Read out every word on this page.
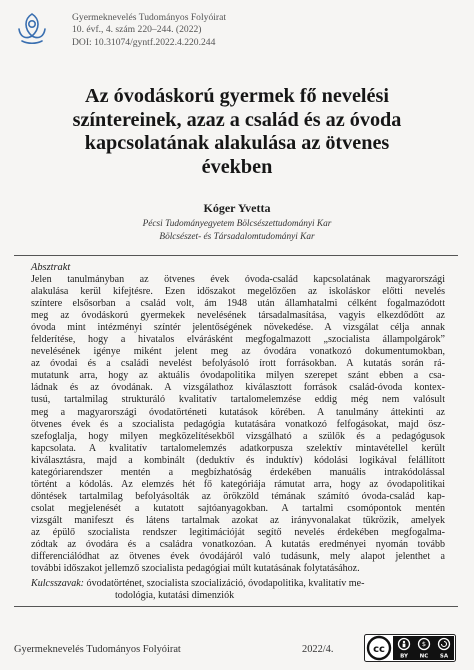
Gyermeknevelés Tudományos Folyóirat
10. évf., 4. szám 220–244. (2022)
DOI: 10.31074/gyntf.2022.4.220.244
Az óvodáskorú gyermek fő nevelési
színtereinek, azaz a család és az óvoda
kapcsolatának alakulása az ötvenes
években
Kóger Yvetta
Pécsi Tudományegyetem Bölcsészettudományi Kar
Bölcsészet- és Társadalomtudományi Kar
Absztrakt
Jelen tanulmányban az ötvenes évek óvoda-család kapcsolatának magyarországi
alakulása kerül kifejtésre. Ezen időszakot megelőzően az iskoláskor előtti nevelés
színtere elsősorban a család volt, ám 1948 után államhatalmi célként fogalmazódott
meg az óvodáskorú gyermekek nevelésének társadalmasítása, vagyis elkezdődött az
óvoda mint intézményi színtér jelentőségének növekedése. A vizsgálat célja annak
felderítése, hogy a hivatalos elvárásként megfogalmazott „szocialista állampolgárok”
nevelésének igénye miként jelent meg az óvodára vonatkozó dokumentumokban,
az óvodai és a családi nevelést befolyásoló írott forrásokban. A kutatás során rá-
mutatunk arra, hogy az aktuális óvodapolitika milyen szerepet szánt ebben a csa-
ládnak és az óvodának. A vizsgálathoz kiválasztott források család-óvoda kontex-
tusú, tartalmilag strukturáló kvalitatív tartalomelemzése eddig még nem valósult
meg a magyarországi óvodatörténeti kutatások körében. A tanulmány áttekinti az
ötvenes évek és a szocialista pedagógia kutatására vonatkozó felfogásokat, majd ösz-
szefoglalja, hogy milyen megközelítésekből vizsgálható a szülők és a pedagógusok
kapcsolata. A kvalitatív tartalomelemzés adatkorpusza szelektív mintavétellel került
kiválasztásra, majd a kombinált (deduktív és induktív) kódolási logikával felállított
kategóriarendszer mentén a megbízhatóság érdekében manuális intrakódolással
történt a kódolás. Az elemzés hét fő kategóriája rámutat arra, hogy az óvodapolitikai
döntések tartalmilag befolyásolták az örökzöld témának számító óvoda-család kap-
csolat megjelenését a kutatott sajtóanyagokban. A tartalmi csomópontok mentén
vizsgált manifeszt és látens tartalmak azokat az irányvonalakat tükrözik, amelyek
az épülő szocialista rendszer legitimációját segítő nevelés érdekében megfogalma-
zódtak az óvodára és a családra vonatkozóan. A kutatás eredményei nyomán tovább
differenciálódhat az ötvenes évek óvodájáról való tudásunk, mely alapot jelenthet a
további időszakot jellemző szocialista pedagógiai múlt kutatásának folytatásához.
Kulcsszavak: óvodatörténet, szocialista szocializáció, óvodapolitika, kvalitatív me-
todológia, kutatási dimenziók
Gyermeknevelés Tudományos Folyóirat	2022/4.	cc	$
BY NC SA
